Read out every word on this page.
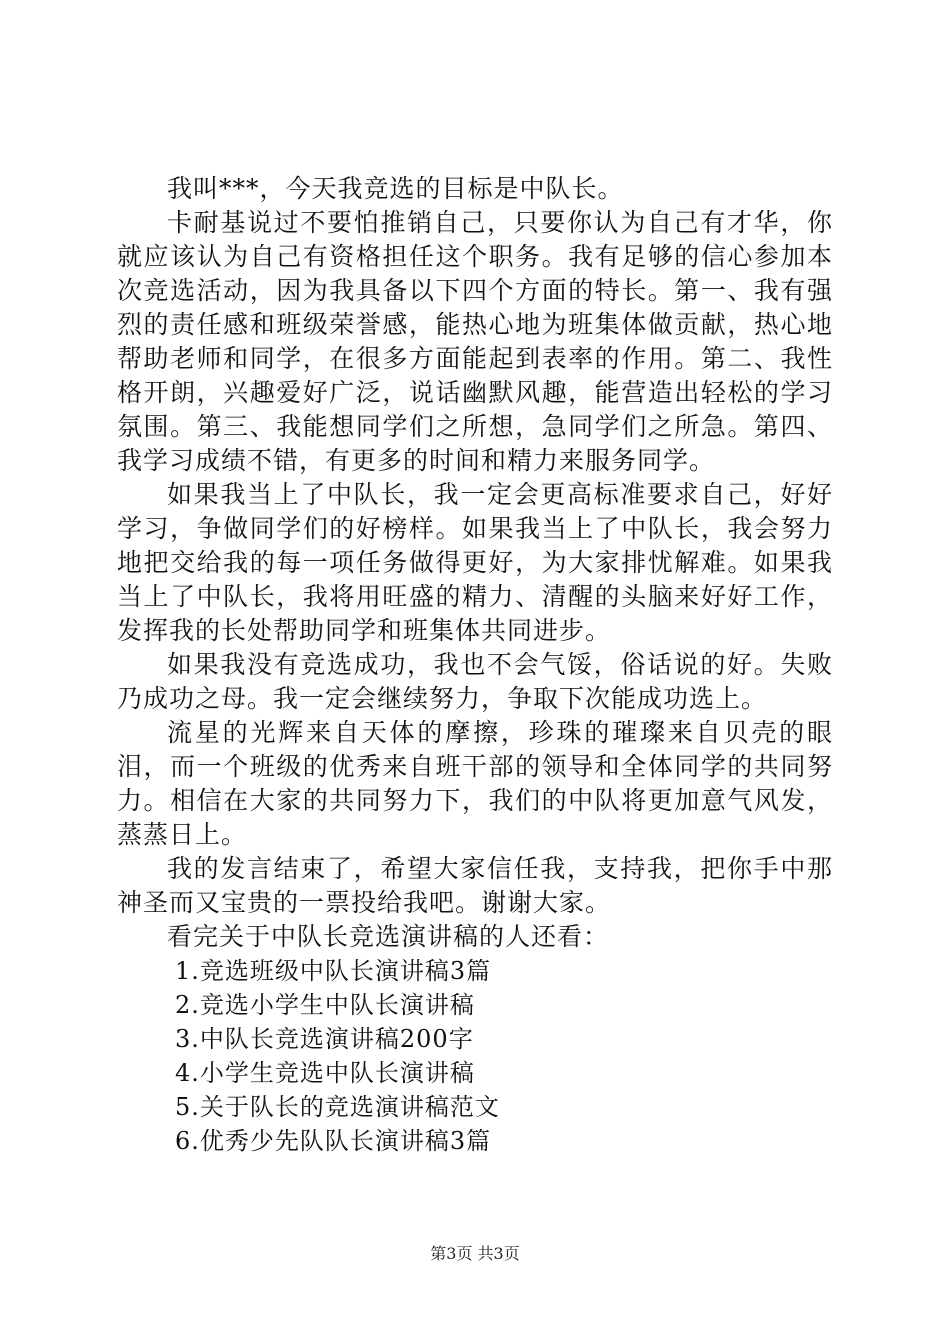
我叫***，今天我竞选的目标是中队长。

卡耐基说过不要怕推销自己，只要你认为自己有才华，你就应该认为自己有资格担任这个职务。我有足够的信心参加本次竞选活动，因为我具备以下四个方面的特长。第一、我有强烈的责任感和班级荣誉感，能热心地为班集体做贡献，热心地帮助老师和同学，在很多方面能起到表率的作用。第二、我性格开朗，兴趣爱好广泛，说话幽默风趣，能营造出轻松的学习氛围。第三、我能想同学们之所想，急同学们之所急。第四、我学习成绩不错，有更多的时间和精力来服务同学。

如果我当上了中队长，我一定会更高标准要求自己，好好学习，争做同学们的好榜样。如果我当上了中队长，我会努力地把交给我的每一项任务做得更好，为大家排忧解难。如果我当上了中队长，我将用旺盛的精力、清醒的头脑来好好工作，发挥我的长处帮助同学和班集体共同进步。

如果我没有竞选成功，我也不会气馁，俗话说的好。失败乃成功之母。我一定会继续努力，争取下次能成功选上。

流星的光辉来自天体的摩擦，珍珠的璀璨来自贝壳的眼泪，而一个班级的优秀来自班干部的领导和全体同学的共同努力。相信在大家的共同努力下，我们的中队将更加意气风发，蒸蒸日上。

我的发言结束了，希望大家信任我，支持我，把你手中那神圣而又宝贵的一票投给我吧。谢谢大家。

看完关于中队长竞选演讲稿的人还看：

1.竞选班级中队长演讲稿3篇
2.竞选小学生中队长演讲稿
3.中队长竞选演讲稿200字
4.小学生竞选中队长演讲稿
5.关于队长的竞选演讲稿范文
6.优秀少先队队长演讲稿3篇
第3页 共3页
